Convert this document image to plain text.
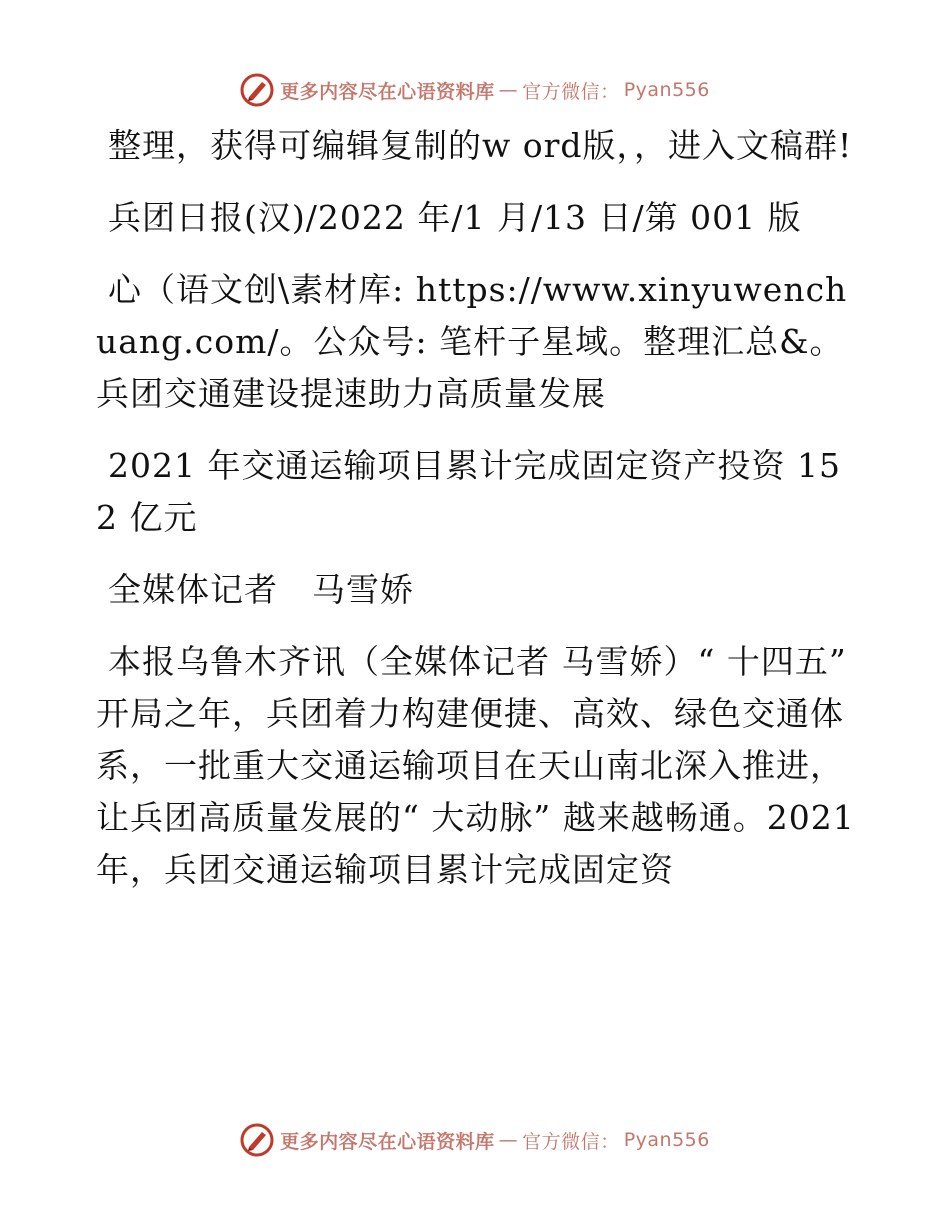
更多内容尽在心语资料库 — 官方微信： Pyan556

整理，获得可编辑复制的w ord版，，进入文稿群!

兵团日报(汉)/2022 年/1 月/13 日/第 001 版

心（语文创\素材库: https://www.xinyuwenchuang.com/。公众号: 笔杆子星域。整理汇总&。兵团交通建设提速助力高质量发展

2021 年交通运输项目累计完成固定资产投资 152 亿元

全媒体记者　马雪娇

本报乌鲁木齐讯（全媒体记者 马雪娇）“ 十四五” 开局之年，兵团着力构建便捷、高效、绿色交通体系，一批重大交通运输项目在天山南北深入推进，让兵团高质量发展的“ 大动脉” 越来越畅通。2021 年，兵团交通运输项目累计完成固定资

更多内容尽在心语资料库 — 官方微信： Pyan556
